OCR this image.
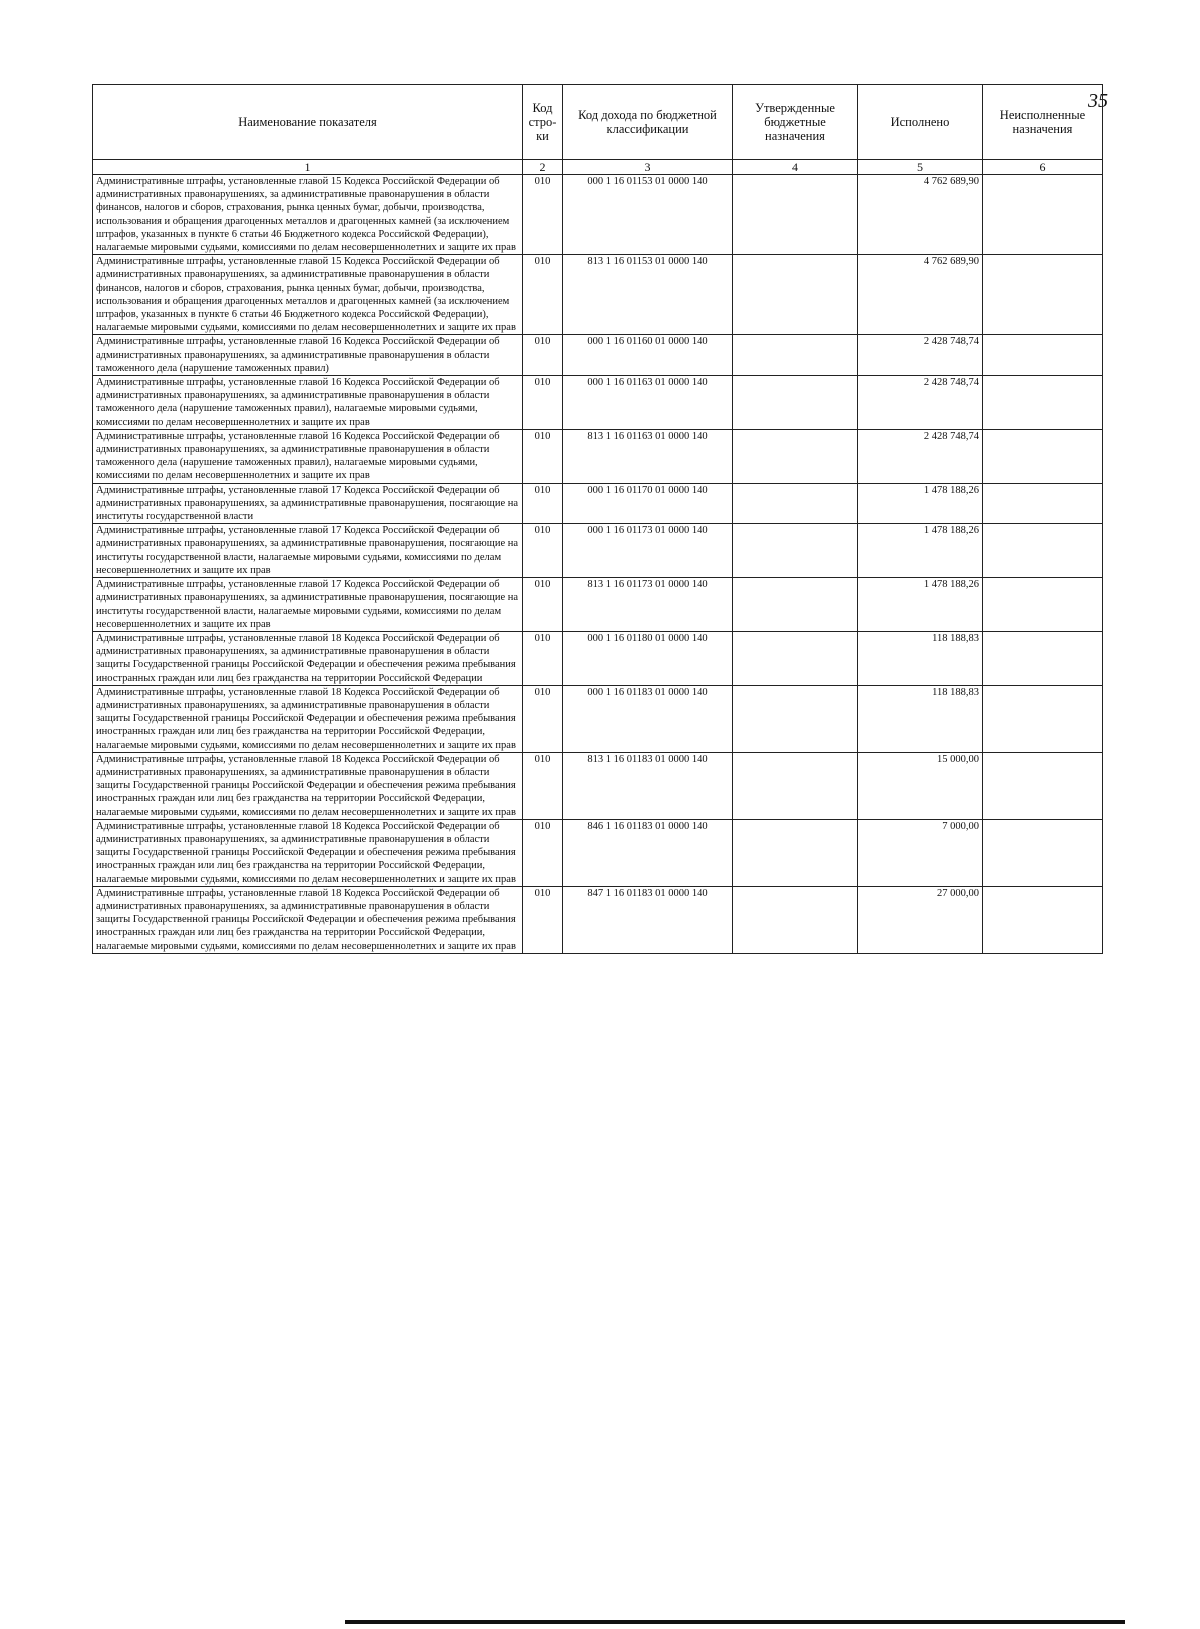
35
Наименование показателя	Код стро- ки	Код дохода по бюджетной классификации	Утвержденные бюджетные назначения	Исполнено	Неисполненные назначения
1	2	3	4	5	6
Административные штрафы, установленные главой 15 Кодекса Российской Федерации об административных правонарушениях, за административные правонарушения в области финансов, налогов и сборов, страхования, рынка ценных бумаг, добычи, производства, использования и обращения драгоценных металлов и драгоценных камней (за исключением штрафов, указанных в пункте 6 статьи 46 Бюджетного кодекса Российской Федерации), налагаемые мировыми судьями, комиссиями по делам несовершеннолетних и защите их прав	010	000 1 16 01153 01 0000 140		4 762 689,90	
Административные штрафы, установленные главой 15 Кодекса Российской Федерации об административных правонарушениях, за административные правонарушения в области финансов, налогов и сборов, страхования, рынка ценных бумаг, добычи, производства, использования и обращения драгоценных металлов и драгоценных камней (за исключением штрафов, указанных в пункте 6 статьи 46 Бюджетного кодекса Российской Федерации), налагаемые мировыми судьями, комиссиями по делам несовершеннолетних и защите их прав	010	813 1 16 01153 01 0000 140		4 762 689,90	
Административные штрафы, установленные главой 16 Кодекса Российской Федерации об административных правонарушениях, за административные правонарушения в области таможенного дела (нарушение таможенных правил)	010	000 1 16 01160 01 0000 140		2 428 748,74	
Административные штрафы, установленные главой 16 Кодекса Российской Федерации об административных правонарушениях, за административные правонарушения в области таможенного дела (нарушение таможенных правил), налагаемые мировыми судьями, комиссиями по делам несовершеннолетних и защите их прав	010	000 1 16 01163 01 0000 140		2 428 748,74	
Административные штрафы, установленные главой 16 Кодекса Российской Федерации об административных правонарушениях, за административные правонарушения в области таможенного дела (нарушение таможенных правил), налагаемые мировыми судьями, комиссиями по делам несовершеннолетних и защите их прав	010	813 1 16 01163 01 0000 140		2 428 748,74	
Административные штрафы, установленные главой 17 Кодекса Российской Федерации об административных правонарушениях, за административные правонарушения, посягающие на институты государственной власти	010	000 1 16 01170 01 0000 140		1 478 188,26	
Административные штрафы, установленные главой 17 Кодекса Российской Федерации об административных правонарушениях, за административные правонарушения, посягающие на институты государственной власти, налагаемые мировыми судьями, комиссиями по делам несовершеннолетних и защите их прав	010	000 1 16 01173 01 0000 140		1 478 188,26	
Административные штрафы, установленные главой 17 Кодекса Российской Федерации об административных правонарушениях, за административные правонарушения, посягающие на институты государственной власти, налагаемые мировыми судьями, комиссиями по делам несовершеннолетних и защите их прав	010	813 1 16 01173 01 0000 140		1 478 188,26	
Административные штрафы, установленные главой 18 Кодекса Российской Федерации об административных правонарушениях, за административные правонарушения в области защиты Государственной границы Российской Федерации и обеспечения режима пребывания иностранных граждан или лиц без гражданства на территории Российской Федерации	010	000 1 16 01180 01 0000 140		118 188,83	
Административные штрафы, установленные главой 18 Кодекса Российской Федерации об административных правонарушениях, за административные правонарушения в области защиты Государственной границы Российской Федерации и обеспечения режима пребывания иностранных граждан или лиц без гражданства на территории Российской Федерации, налагаемые мировыми судьями, комиссиями по делам несовершеннолетних и защите их прав	010	000 1 16 01183 01 0000 140		118 188,83	
Административные штрафы, установленные главой 18 Кодекса Российской Федерации об административных правонарушениях, за административные правонарушения в области защиты Государственной границы Российской Федерации и обеспечения режима пребывания иностранных граждан или лиц без гражданства на территории Российской Федерации, налагаемые мировыми судьями, комиссиями по делам несовершеннолетних и защите их прав	010	813 1 16 01183 01 0000 140		15 000,00	
Административные штрафы, установленные главой 18 Кодекса Российской Федерации об административных правонарушениях, за административные правонарушения в области защиты Государственной границы Российской Федерации и обеспечения режима пребывания иностранных граждан или лиц без гражданства на территории Российской Федерации, налагаемые мировыми судьями, комиссиями по делам несовершеннолетних и защите их прав	010	846 1 16 01183 01 0000 140		7 000,00	
Административные штрафы, установленные главой 18 Кодекса Российской Федерации об административных правонарушениях, за административные правонарушения в области защиты Государственной границы Российской Федерации и обеспечения режима пребывания иностранных граждан или лиц без гражданства на территории Российской Федерации, налагаемые мировыми судьями, комиссиями по делам несовершеннолетних и защите их прав	010	847 1 16 01183 01 0000 140		27 000,00	
